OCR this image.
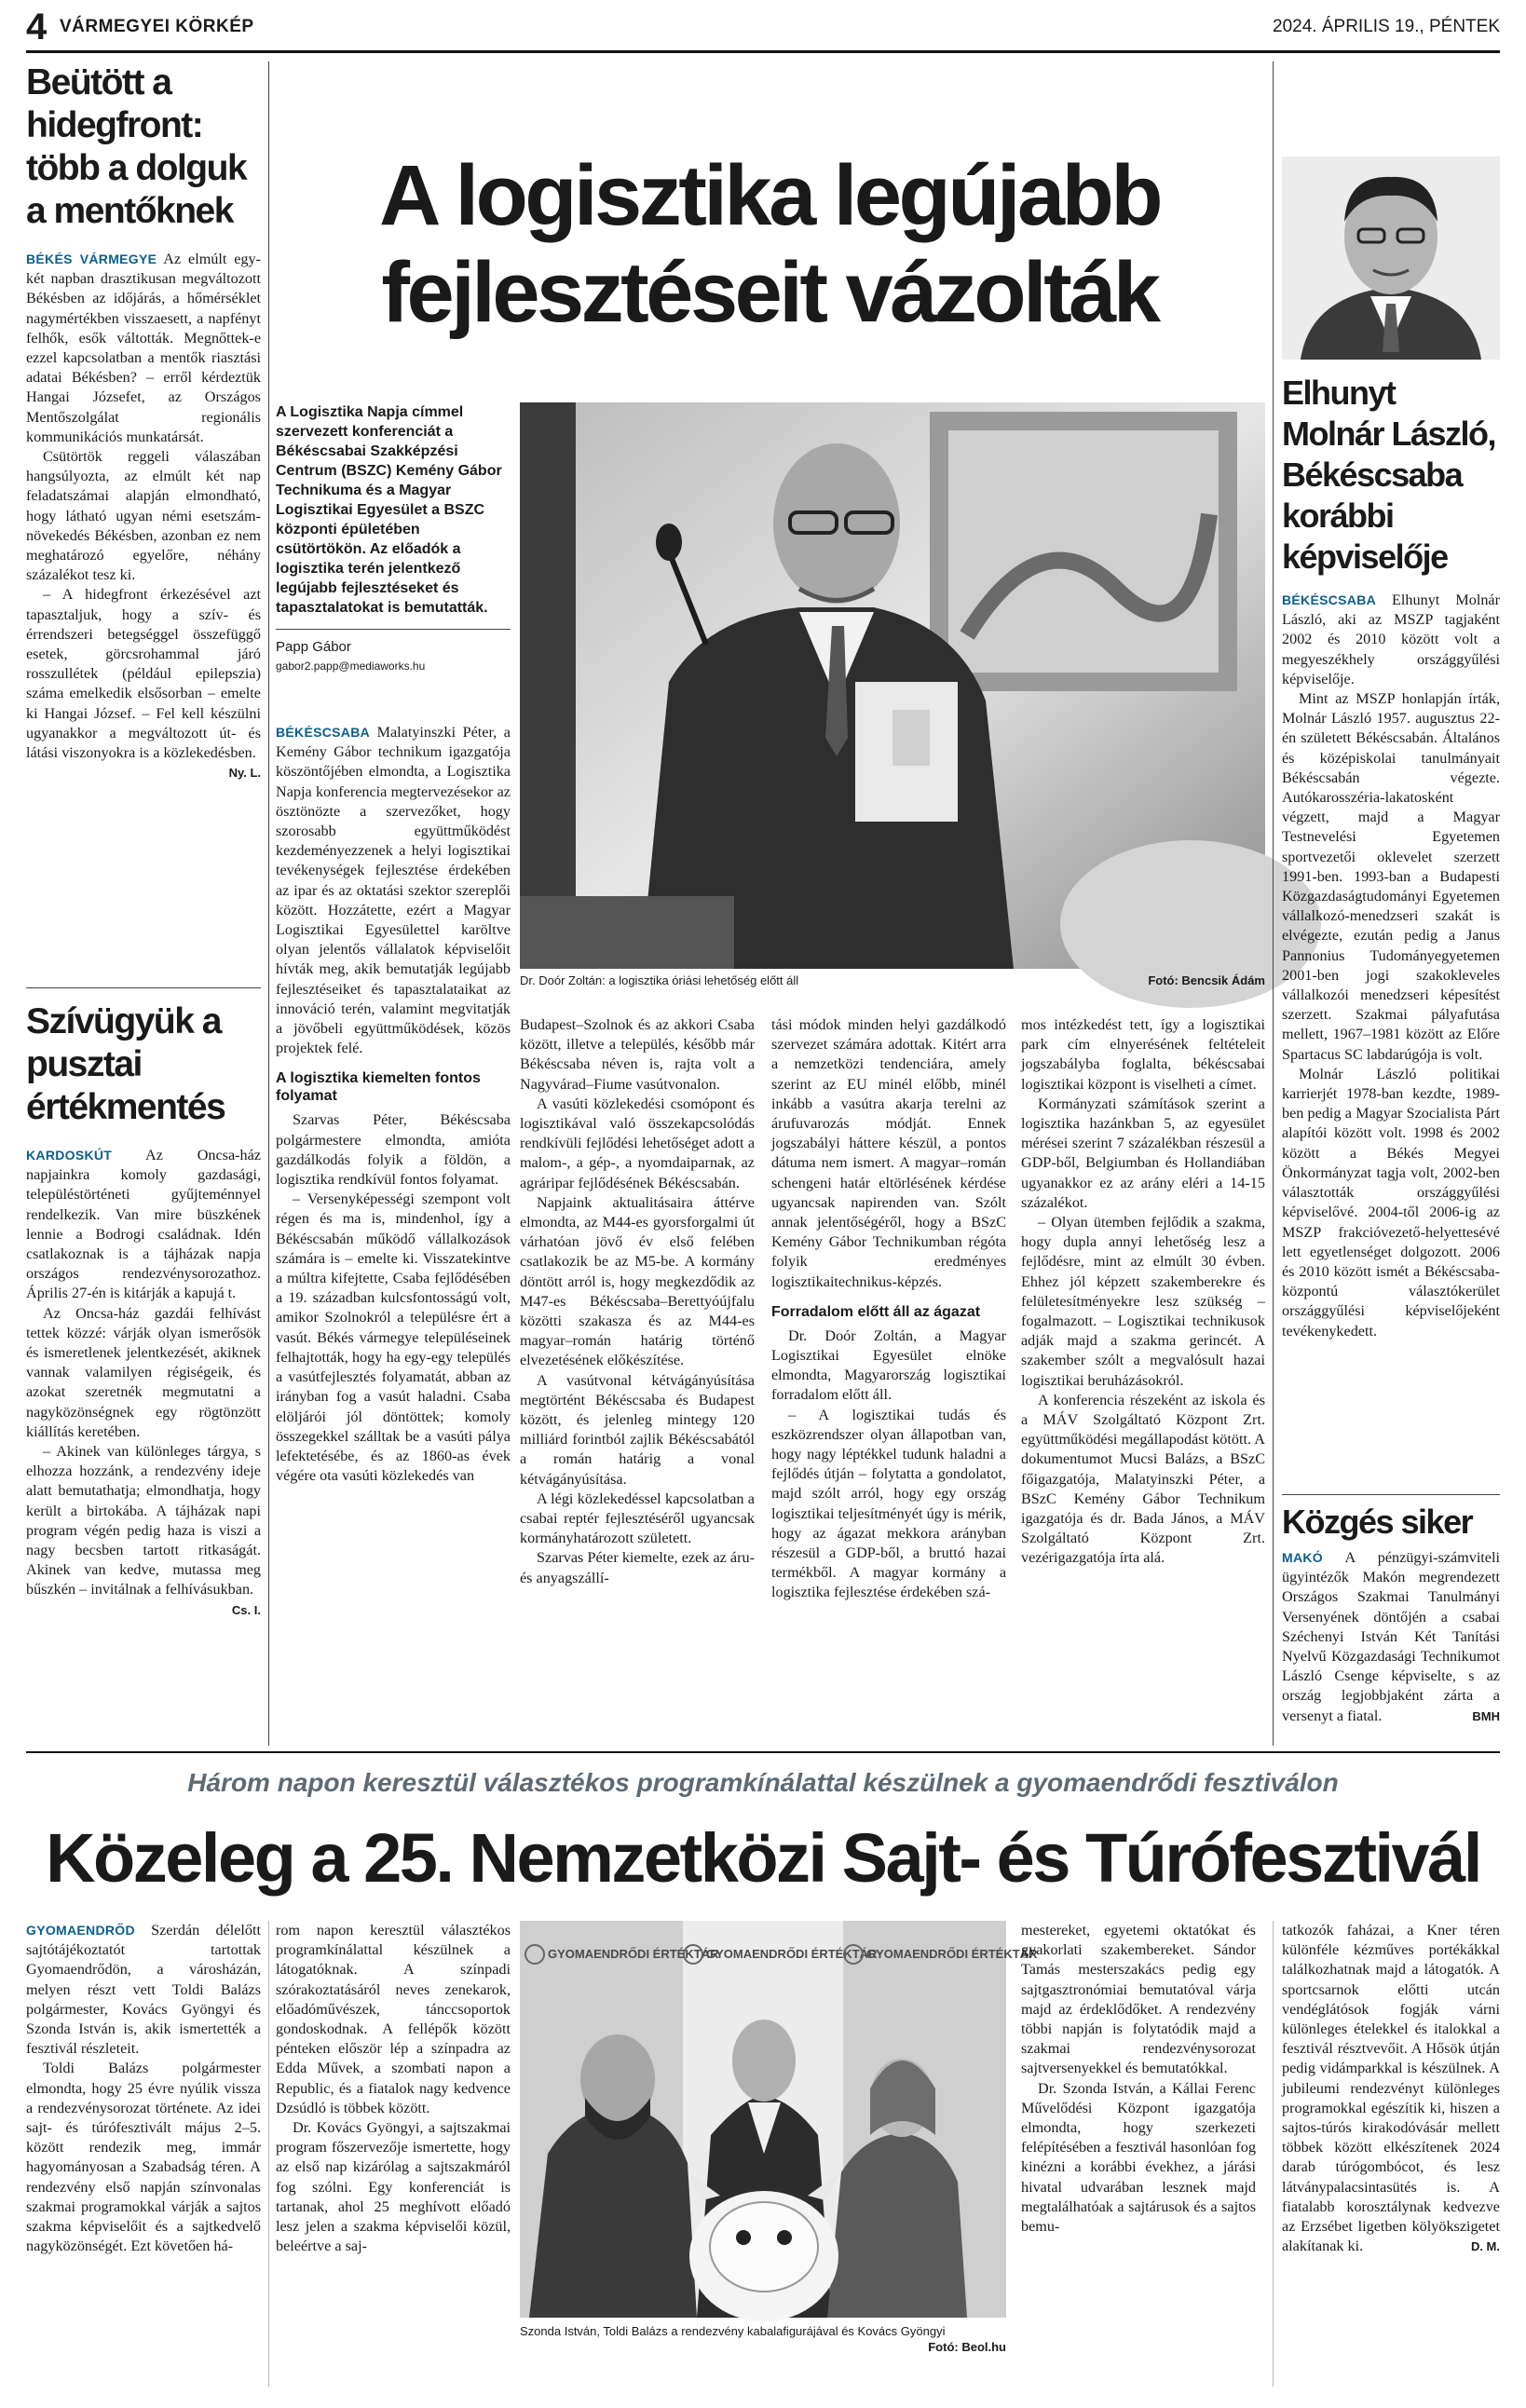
4 VÁRMEGYEI KÖRKÉP	2024. ÁPRILIS 19., PÉNTEK
Beütött a hidegfront: több a dolguk a mentőknek

BÉKÉS VÁRMEGYE Az elmúlt egy-két napban drasztikusan megváltozott Békésben az időjárás, a hőmérséklet nagymértékben visszaesett, a napfényt felhők, esők váltották. Megnőttek-e ezzel kapcsolatban a mentők riasztási adatai Békésben? – erről kérdeztük Hangai Józsefet, az Országos Mentőszolgálat regionális kommunikációs munkatársát.

Csütörtök reggeli válaszában hangsúlyozta, az elmúlt két nap feladatszámai alapján elmondható, hogy látható ugyan némi esetszám-növekedés Békésben, azonban ez nem meghatározó egyelőre, néhány százalékot tesz ki.

– A hidegfront érkezésével azt tapasztaljuk, hogy a szív- és érrendszeri betegséggel összefüggő esetek, görcsrohammal járó rosszullétek (például epilepszia) száma emelkedik elsősorban – emelte ki Hangai József. – Fel kell készülni ugyanakkor a megváltozott út- és látási viszonyokra is a közlekedésben.
Ny. L.

Szívügyük a pusztai értékmentés

KARDOSKÚT Az Oncsa-ház napjainkra komoly gazdasági, településtörténeti gyűjteménnyel rendelkezik. Van mire büszkének lennie a Bodrogi családnak. Idén csatlakoznak is a tájházak napja országos rendezvénysorozathoz. Április 27-én is kitárják a kapujá t.

Az Oncsa-ház gazdái felhívást tettek közzé: várják olyan ismerősök és ismeretlenek jelentkezését, akiknek vannak valamilyen régiségeik, és azokat szeretnék megmutatni a nagyközönségnek egy rögtönzött kiállítás keretében.

– Akinek van különleges tárgya, s elhozza hozzánk, a rendezvény ideje alatt bemutathatja; elmondhatja, hogy került a birtokába. A tájházak napi program végén pedig haza is viszi a nagy becsben tartott ritkaságát. Akinek van kedve, mutassa meg bűszkén – invitálnak a felhívásukban.
Cs. I.

A logisztika legújabb fejlesztéseit vázolták

A Logisztika Napja címmel szervezett konferenciát a Békéscsabai Szakképzési Centrum (BSZC) Kemény Gábor Technikuma és a Magyar Logisztikai Egyesület a BSZC központi épületében csütörtökön. Az előadók a logisztika terén jelentkező legújabb fejlesztéseket és tapasztalatokat is bemutatták.

Papp Gábor

gabor2.papp@mediaworks.hu

Dr. Doór Zoltán: a logisztika óriási lehetőség előtt áll	Fotó: Bencsik Ádám

BÉKÉSCSABA Malatyinszki Péter, a Kemény Gábor technikum igazgatója köszöntőjében elmondta, a Logisztika Napja konferencia megtervezésekor az ösztönözte a szervezőket, hogy szorosabb együttműködést kezdeményezzenek a helyi logisztikai tevékenységek fejlesztése érdekében az ipar és az oktatási szektor szereplői között. Hozzátette, ezért a Magyar Logisztikai Egyesülettel karöltve olyan jelentős vállalatok képviselőit hívták meg, akik bemutatják legújabb fejlesztéseiket és tapasztalataikat az innováció terén, valamint megvitatják a jövőbeli együttműködések, közös projektek felé.

A logisztika kiemelten fontos folyamat

Szarvas Péter, Békéscsaba polgármestere elmondta, amióta gazdálkodás folyik a földön, a logisztika rendkívül fontos folyamat.

– Versenyképességi szempont volt régen és ma is, mindenhol, így a Békéscsabán működő vállalkozások számára is – emelte ki. Visszatekintve a múltra kifejtette, Csaba fejlődésében a 19. században kulcsfontosságú volt, amikor Szolnokról a településre ért a vasút. Békés vármegye településeinek felhajtották, hogy ha egy-egy település a vasútfejlesztés folyamatát, abban az irányban fog a vasút haladni. Csaba elöljárói jól döntöttek; komoly összegekkel szálltak be a vasúti pálya lefektetésébe, és az 1860-as évek végére ota vasúti közlekedés van

Budapest–Szolnok és az akkori Csaba között, illetve a település, később már Békéscsaba néven is, rajta volt a Nagyvárad–Fiume vasútvonalon.

A vasúti közlekedési csomópont és logisztikával való összekapcsolódás rendkívüli fejlődési lehetőséget adott a malom-, a gép-, a nyomdaiparnak, az agráripar fejlődésének Békéscsabán.

Napjaink aktualitásaira áttérve elmondta, az M44-es gyorsforgalmi út várhatóan jövő év első felében csatlakozik be az M5-be. A kormány döntött arról is, hogy megkezdődik az M47-es Békéscsaba–Berettyóújfalu közötti szakasza és az M44-es magyar–román határig történő elvezetésének előkészítése.

A vasútvonal kétvágányúsítása megtörtént Békéscsaba és Budapest között, és jelenleg mintegy 120 milliárd forintból zajlik Békéscsabától a román határig a vonal kétvágányúsítása.

A légi közlekedéssel kapcsolatban a csabai reptér fejlesztéséről ugyancsak kormányhatározott született.

Szarvas Péter kiemelte, ezek az áru- és anyagszállí-

tási módok minden helyi gazdálkodó szervezet számára adottak. Kitért arra a nemzetközi tendenciára, amely szerint az EU minél előbb, minél inkább a vasútra akarja terelni az árufuvarozás módját. Ennek jogszabályi háttere készül, a pontos dátuma nem ismert. A magyar–román schengeni határ eltörlésének kérdése ugyancsak napirenden van. Szólt annak jelentőségéről, hogy a BSzC Kemény Gábor Technikumban régóta folyik eredményes logisztikaitechnikus-képzés.

Forradalom előtt áll az ágazat

Dr. Doór Zoltán, a Magyar Logisztikai Egyesület elnöke elmondta, Magyarország logisztikai forradalom előtt áll.

– A logisztikai tudás és eszközrendszer olyan állapotban van, hogy nagy léptékkel tudunk haladni a fejlődés útján – folytatta a gondolatot, majd szólt arról, hogy egy ország logisztikai teljesítményét úgy is mérik, hogy az ágazat mekkora arányban részesül a GDP-ből, a bruttó hazai termékből. A magyar kormány a logisztika fejlesztése érdekében szá-

mos intézkedést tett, így a logisztikai park cím elnyerésének feltételeit jogszabályba foglalta, békéscsabai logisztikai központ is viselheti a címet.

Kormányzati számítások szerint a logisztika hazánkban 5, az egyesület mérései szerint 7 százalékban részesül a GDP-ből, Belgiumban és Hollandiában ugyanakkor ez az arány eléri a 14-15 százalékot.

– Olyan ütemben fejlődik a szakma, hogy dupla annyi lehetőség lesz a fejlődésre, mint az elmúlt 30 évben. Ehhez jól képzett szakemberekre és felületesítményekre lesz szükség – fogalmazott. – Logisztikai technikusok adják majd a szakma gerincét. A szakember szólt a megvalósult hazai logisztikai beruházásokról.

A konferencia részeként az iskola és a MÁV Szolgáltató Központ Zrt. együttműködési megállapodást kötött. A dokumentumot Mucsi Balázs, a BSzC főigazgatója, Malatyinszki Péter, a BSzC Kemény Gábor Technikum igazgatója és dr. Bada János, a MÁV Szolgáltató Központ Zrt. vezérigazgatója írta alá.

Elhunyt Molnár László, Békéscsaba korábbi képviselője

BÉKÉSCSABA Elhunyt Molnár László, aki az MSZP tagjaként 2002 és 2010 között volt a megyeszékhely országgyűlési képviselője.

Mint az MSZP honlapján írták, Molnár László 1957. augusztus 22-én született Békéscsabán. Általános és középiskolai tanulmányait Békéscsabán végezte. Autókarosszéria-lakatosként végzett, majd a Magyar Testnevelési Egyetemen sportvezetői oklevelet szerzett 1991-ben. 1993-ban a Budapesti Közgazdaságtudományi Egyetemen vállalkozó-menedzseri szakát is elvégezte, ezután pedig a Janus Pannonius Tudományegyetemen 2001-ben jogi szakokleveles vállalkozói menedzseri képesítést szerzett. Szakmai pályafutása mellett, 1967–1981 között az Előre Spartacus SC labdarúgója is volt.

Molnár László politikai karrierjét 1978-ban kezdte, 1989-ben pedig a Magyar Szocialista Párt alapítói között volt. 1998 és 2002 között a Békés Megyei Önkormányzat tagja volt, 2002-ben választották országgyűlési képviselővé. 2004-től 2006-ig az MSZP frakcióvezető-helyettesévé lett egyetlenséget dolgozott. 2006 és 2010 között ismét a Békéscsaba-központú választókerület országgyűlési képviselőjeként tevékenykedett.

Közgés siker

MAKÓ A pénzügyi-számviteli ügyintézők Makón megrendezett Országos Szakmai Tanulmányi Versenyének döntőjén a csabai Széchenyi István Két Tanítási Nyelvű Közgazdasági Technikumot László Csenge képviselte, s az ország legjobbjaként zárta a versenyt a fiatal.	BMH

Három napon keresztül választékos programkínálattal készülnek a gyomaendrődi fesztiválon
Közeleg a 25. Nemzetközi Sajt- és Túrófesztivál

GYOMAENDRŐD Szerdán délelőtt sajtótájékoztatót tartottak Gyomaendrődön, a városházán, melyen részt vett Toldi Balázs polgármester, Kovács Gyöngyi és Szonda István is, akik ismertették a fesztivál részleteit.

Toldi Balázs polgármester elmondta, hogy 25 évre nyúlik vissza a rendezvénysorozat története. Az idei sajt- és túrófesztivált május 2–5. között rendezik meg, immár hagyományosan a Szabadság téren. A rendezvény első napján színvonalas szakmai programokkal várják a sajtos szakma képviselőit és a sajtkedvelő nagyközönségét. Ezt követően há-

rom napon keresztül választékos programkínálattal készülnek a látogatóknak. A színpadi szórakoztatásáról neves zenekarok, előadóművészek, tánccsoportok gondoskodnak. A fellépők között pénteken először lép a színpadra az Edda Művek, a szombati napon a Republic, és a fiatalok nagy kedvence Dzsúdló is többek között.

Dr. Kovács Gyöngyi, a sajtszakmai program főszervezője ismertette, hogy az első nap kizárólag a sajtszakmáról fog szólni. Egy konferenciát is tartanak, ahol 25 meghívott előadó lesz jelen a szakma képviselői közül, beleértve a saj-

GYOMAENDRŐDI ÉRTÉKTÁR
GYOMAENDRŐDI ÉRTÉKTÁR
GYOMAENDRŐDI ÉRTÉKTÁR
Szonda István, Toldi Balázs a rendezvény kabalafigurájával és Kovács Gyöngyi
Fotó: Beol.hu

mestereket, egyetemi oktatókat és gyakorlati szakembereket. Sándor Tamás mesterszakács pedig egy sajtgasztronómiai bemutatóval várja majd az érdeklődőket. A rendezvény többi napján is folytatódik majd a szakmai rendezvénysorozat sajtversenyekkel és bemutatókkal.

Dr. Szonda István, a Kállai Ferenc Művelődési Központ igazgatója elmondta, hogy szerkezeti felépítésében a fesztivál hasonlóan fog kinézni a korábbi évekhez, a járási hivatal udvarában lesznek majd megtalálhatóak a sajtárusok és a sajtos bemu-

tatkozók faházai, a Kner téren különféle kézműves portékákkal találkozhatnak majd a látogatók. A sportcsarnok előtti utcán vendéglátósok fogják várni különleges ételekkel és italokkal a fesztivál résztvevőit. A Hősök útján pedig vidámparkkal is készülnek. A jubileumi rendezvényt különleges programokkal egészítik ki, hiszen a sajtos-túrós kirakodóvásár mellett többek között elkészítenek 2024 darab túrógombócot, és lesz látványpalacsintasütés is. A fiatalabb korosztálynak kedvezve az Erzsébet ligetben kölyökszigetet alakítanak ki.	D. M.
